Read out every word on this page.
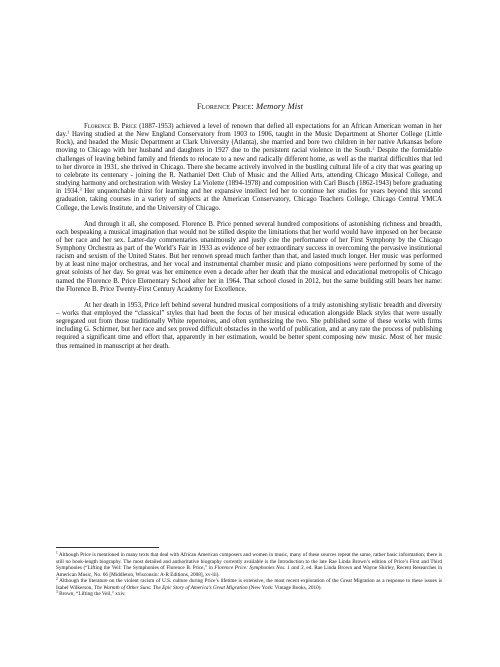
Florence Price: Memory Mist

Florence B. Price (1887-1953) achieved a level of renown that defied all expectations for an African American woman in her day.$^1$ Having studied at the New England Conservatory from 1903 to 1906, taught in the Music Department at Shorter College (Little Rock), and headed the Music Department at Clark University (Atlanta), she married and bore two children in her native Arkansas before moving to Chicago with her husband and daughters in 1927 due to the persistent racial violence in the South.$^2$ Despite the formidable challenges of leaving behind family and friends to relocate to a new and radically different home, as well as the marital difficulties that led to her divorce in 1931, she thrived in Chicago. There she became actively involved in the bustling cultural life of a city that was gearing up to celebrate its centenary - joining the R. Nathaniel Dett Club of Music and the Allied Arts, attending Chicago Musical College, and studying harmony and orchestration with Wesley La Violette (1894-1978) and composition with Carl Busch (1862-1943) before graduating in 1934.$^3$ Her unquenchable thirst for learning and her expansive intellect led her to continue her studies for years beyond this second graduation, taking courses in a variety of subjects at the American Conservatory, Chicago Teachers College, Chicago Central YMCA College, the Lewis Institute, and the University of Chicago.

And through it all, she composed. Florence B. Price penned several hundred compositions of astonishing richness and breadth, each bespeaking a musical imagination that would not be stilled despite the limitations that her world would have imposed on her because of her race and her sex. Latter-day commentaries unanimously and justly cite the performance of her First Symphony by the Chicago Symphony Orchestra as part of the World’s Fair in 1933 as evidence of her extraordinary success in overcoming the pervasive institutional racism and sexism of the United States. But her renown spread much farther than that, and lasted much longer. Her music was performed by at least nine major orchestras, and her vocal and instrumental chamber music and piano compositions were performed by some of the great soloists of her day. So great was her eminence even a decade after her death that the musical and educational metropolis of Chicago named the Florence B. Price Elementary School after her in 1964. That school closed in 2012, but the same building still bears her name: the Florence B. Price Twenty-First Century Academy for Excellence.

At her death in 1953, Price left behind several hundred musical compositions of a truly astonishing stylistic breadth and diversity – works that employed the “classical” styles that had been the focus of her musical education alongside Black styles that were usually segregated out from those traditionally White repertoires, and often synthesizing the two. She published some of these works with firms including G. Schirmer, but her race and sex proved difficult obstacles in the world of publication, and at any rate the process of publishing required a significant time and effort that, apparently in her estimation, would be better spent composing new music. Most of her music thus remained in manuscript at her death.

$^1$ Although Price is mentioned in many texts that deal with African American composers and women in music, many of these sources repeat the same, rather basic information; there is still no book-length biography. The most detailed and authoritative biography currently available is the Introduction to the late Rae Linda Brown’s edition of Price’s First and Third Symphonies (“Lifting the Veil: The Symphonies of Florence B. Price,” in Florence Price: Symphonies Nos. 1 and 3, ed. Rae Linda Brown and Wayne Shirley, Recent Researches in American Music, No. 66 [Middleton, Wisconsin: A-R Editions, 2008], xv-lii).

$^2$ Although the literature on the violent racism of U.S. culture during Price’s lifetime is extensive, the most recent exploration of the Great Migration as a response to these issues is Isabel Wilkerson, The Warmth of Other Suns: The Epic Story of America’s Great Migration (New York: Vintage Books, 2010).

$^3$ Brown, “Lifting the Veil,” xxiv.
